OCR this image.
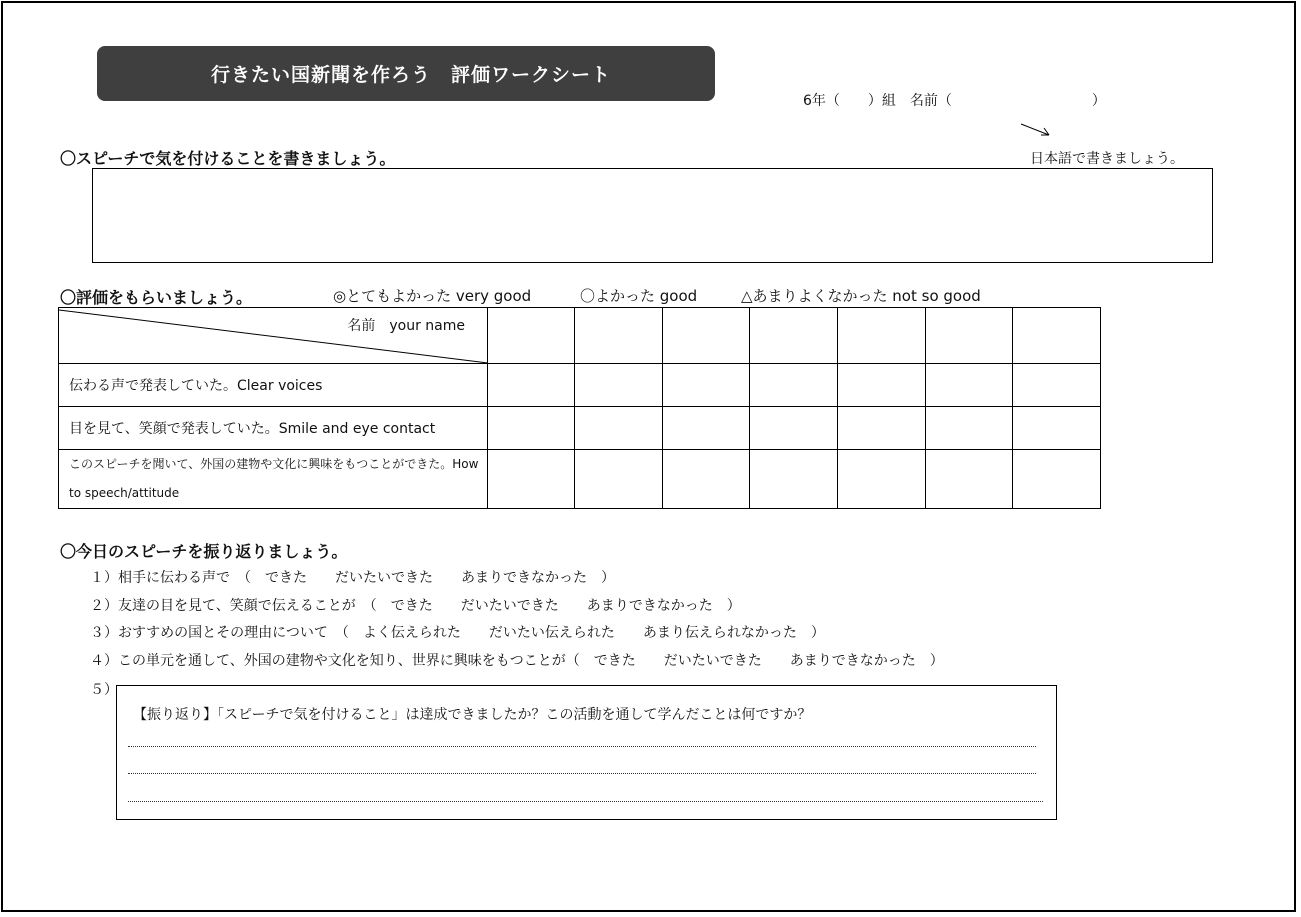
行きたい国新聞を作ろう　評価ワークシート
6年（　　）組　名前（　　　　　　　　　　）
日本語で書きましょう。
〇スピーチで気を付けることを書きましょう。
〇評価をもらいましょう。	◎とてもよかった very good	〇よかった good	△あまりよくなかった not so good
名前　your name							

伝わる声で発表していた。Clear voices							
目を見て、笑顔で発表していた。Smile and eye contact							
このスピーチを聞いて、外国の建物や文化に興味をもつことができた。How to speech/attitude							
〇今日のスピーチを振り返りましょう。
１）相手に伝わる声で　（　できた　　だいたいできた　　あまりできなかった　）
２）友達の目を見て、笑顔で伝えることが　（　できた　　だいたいできた　　あまりできなかった　）
３）おすすめの国とその理由について　（　よく伝えられた　　だいたい伝えられた　　あまり伝えられなかった　）
４）この単元を通して、外国の建物や文化を知り、世界に興味をもつことが（　できた　　だいたいできた　　あまりできなかった　）
５）
【振り返り】「スピーチで気を付けること」は達成できましたか？この活動を通して学んだことは何ですか？
